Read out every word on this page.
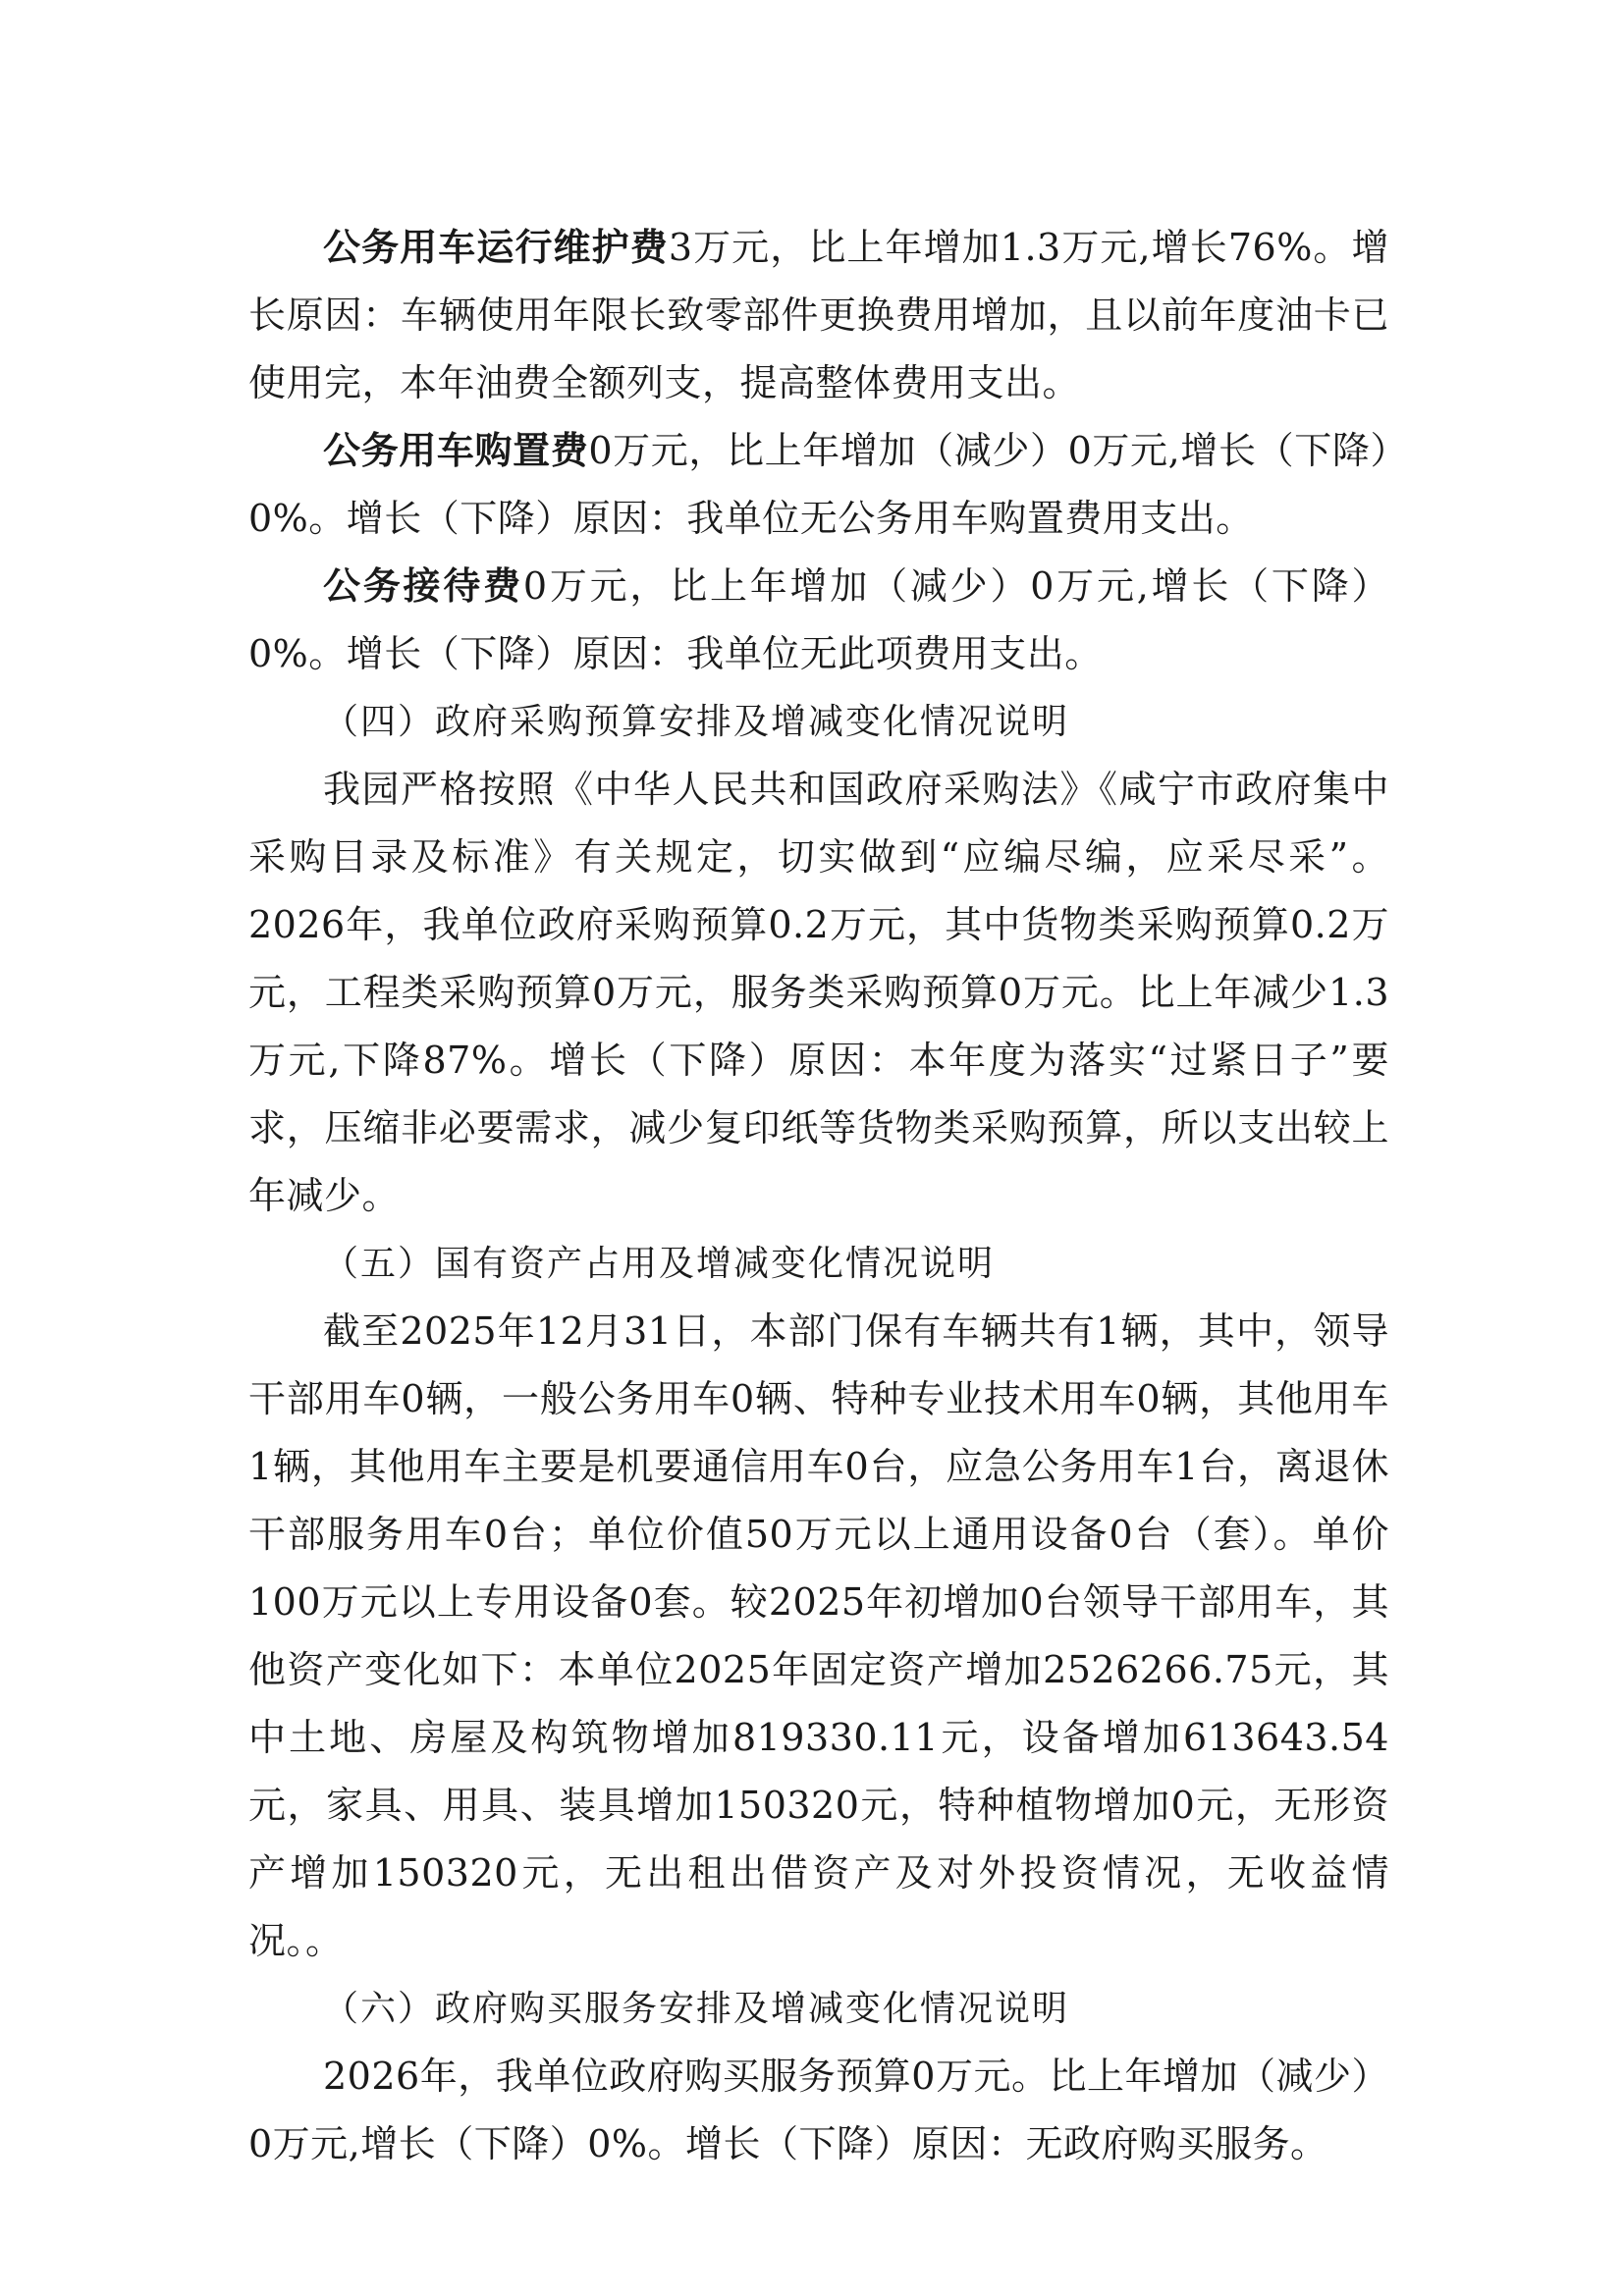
公务用车运行维护费3万元，比上年增加1.3万元,增长76%。增长原因：车辆使用年限长致零部件更换费用增加，且以前年度油卡已使用完，本年油费全额列支，提高整体费用支出。

公务用车购置费0万元，比上年增加（减少）0万元,增长（下降）0%。增长（下降）原因：我单位无公务用车购置费用支出。

公务接待费0万元，比上年增加（减少）0万元,增长（下降）0%。增长（下降）原因：我单位无此项费用支出。

（四）政府采购预算安排及增减变化情况说明

我园严格按照《中华人民共和国政府采购法》《咸宁市政府集中采购目录及标准》有关规定，切实做到“应编尽编，应采尽采”。2026年，我单位政府采购预算0.2万元，其中货物类采购预算0.2万元，工程类采购预算0万元，服务类采购预算0万元。比上年减少1.3万元,下降87%。增长（下降）原因：本年度为落实“过紧日子”要求，压缩非必要需求，减少复印纸等货物类采购预算，所以支出较上年减少。

（五）国有资产占用及增减变化情况说明

截至2025年12月31日，本部门保有车辆共有1辆，其中，领导干部用车0辆，一般公务用车0辆、特种专业技术用车0辆，其他用车1辆，其他用车主要是机要通信用车0台，应急公务用车1台，离退休干部服务用车0台；单位价值50万元以上通用设备0台（套）。单价100万元以上专用设备0套。较2025年初增加0台领导干部用车，其他资产变化如下：本单位2025年固定资产增加2526266.75元，其中土地、房屋及构筑物增加819330.11元，设备增加613643.54元，家具、用具、装具增加150320元，特种植物增加0元，无形资产增加150320元，无出租出借资产及对外投资情况，无收益情况。。

（六）政府购买服务安排及增减变化情况说明

2026年，我单位政府购买服务预算0万元。比上年增加（减少）0万元,增长（下降）0%。增长（下降）原因：无政府购买服务。
